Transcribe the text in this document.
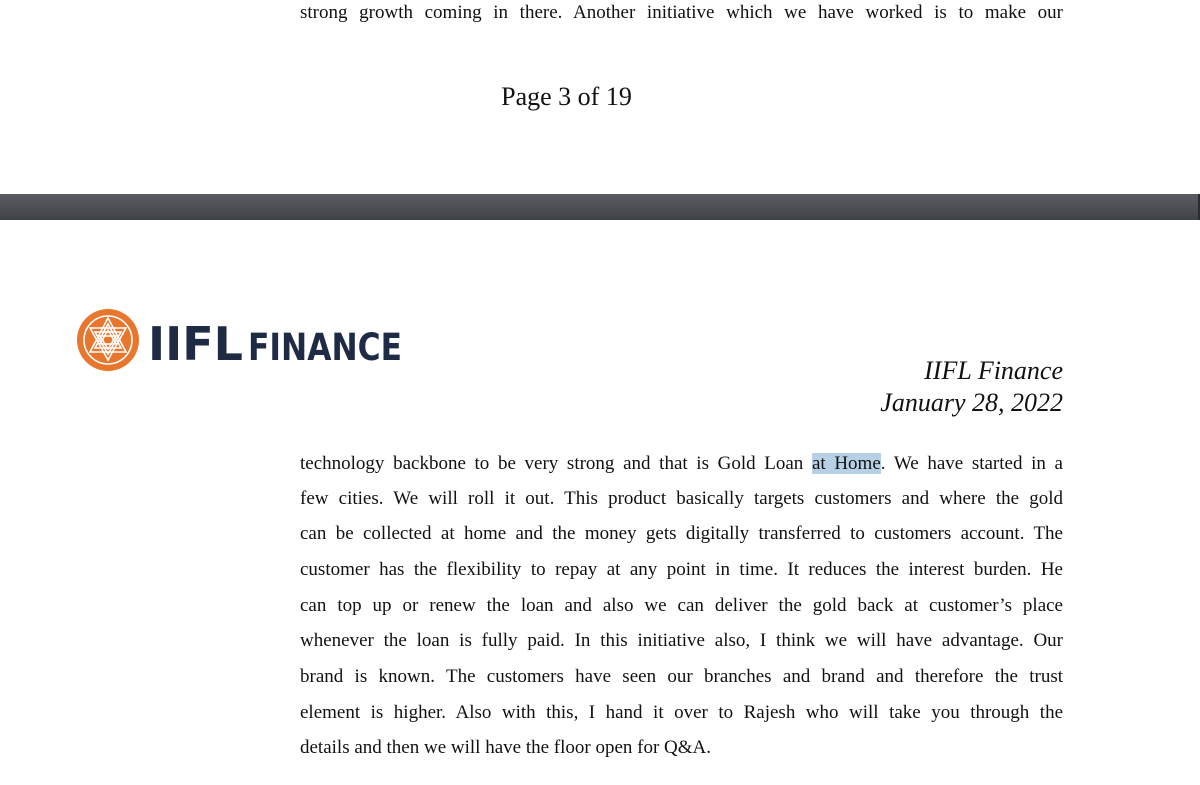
strong growth coming in there. Another initiative which we have worked is to make our
Page 3 of 19
IIFL FINANCE
IIFL Finance
January 28, 2022
technology backbone to be very strong and that is Gold Loan at Home. We have started in a
few cities. We will roll it out. This product basically targets customers and where the gold
can be collected at home and the money gets digitally transferred to customers account. The
customer has the flexibility to repay at any point in time. It reduces the interest burden. He
can top up or renew the loan and also we can deliver the gold back at customer’s place
whenever the loan is fully paid. In this initiative also, I think we will have advantage. Our
brand is known. The customers have seen our branches and brand and therefore the trust
element is higher. Also with this, I hand it over to Rajesh who will take you through the
details and then we will have the floor open for Q&A.
